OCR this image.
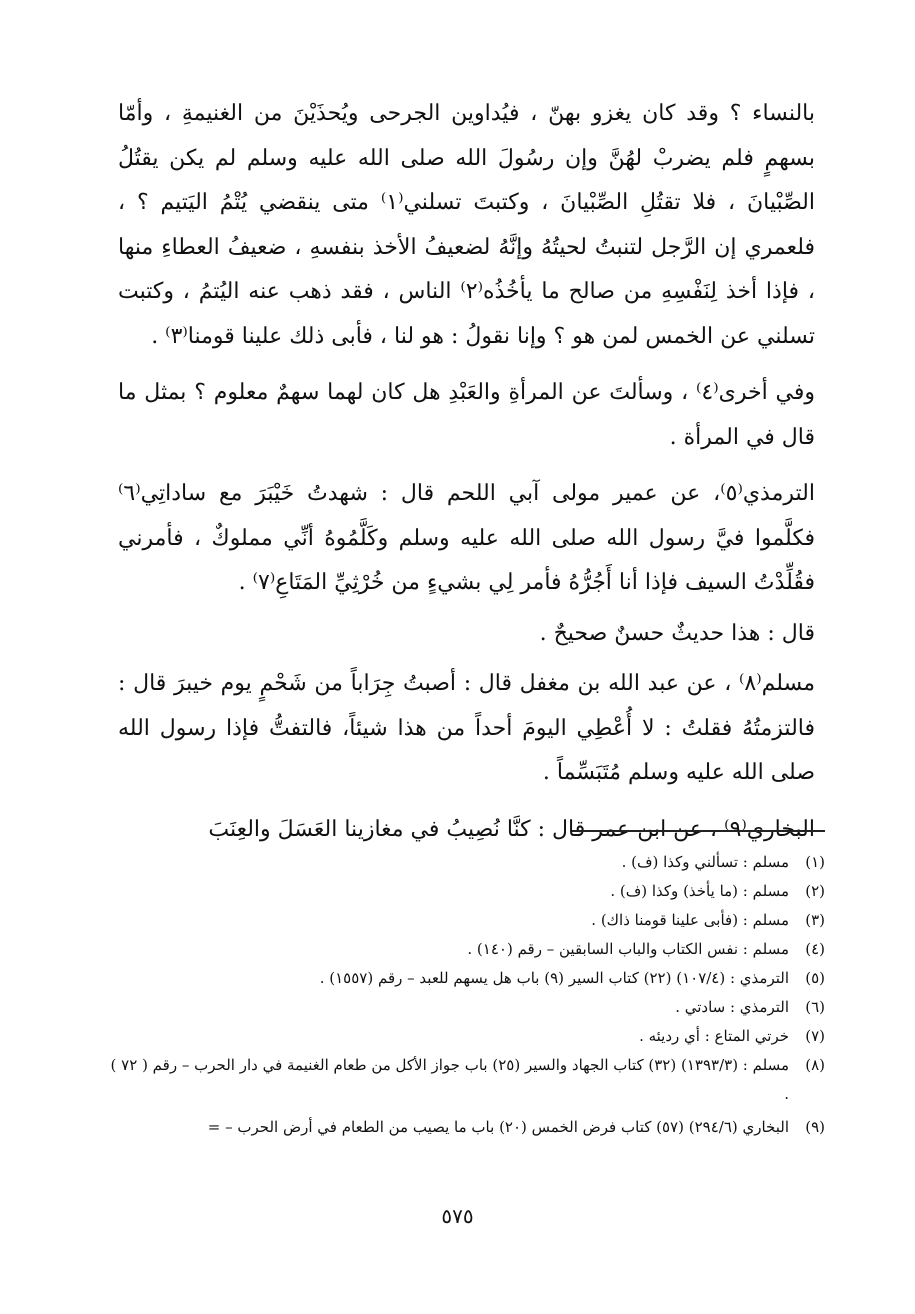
بالنساء ؟ وقد كان يغزو بهنّ ، فيُداوين الجرحى ويُحذَيْنَ من الغنيمةِ ، وأمّا بسهمٍ فلم يضربْ لهُنَّ وإن رسُولَ الله صلى الله عليه وسلم لم يكن يقتُلُ الصِّبْيانَ ، فلا تقتُلِ الصِّبْيانَ ، وكتبتَ تسلني⁽١⁾ متى ينقضي يُتْمُ اليَتيم ؟ ، فلعمري إن الرَّجل لتنبتُ لحيتُهُ وإنَّهُ لضعيفُ الأخذ بنفسهِ ، ضعيفُ العطاءِ منها ، فإذا أخذ لِنَفْسِهِ من صالح ما يأخُذُه⁽٢⁾ الناس ، فقد ذهب عنه اليُتمُ ، وكتبت تسلني عن الخمس لمن هو ؟ وإنا نقولُ : هو لنا ، فأبى ذلك علينا قومنا⁽٣⁾ .

وفي أخرى⁽٤⁾ ، وسألتَ عن المرأةِ والعَبْدِ هل كان لهما سهمٌ معلوم ؟ بمثل ما قال في المرأة .

الترمذي⁽٥⁾، عن عمير مولى آبي اللحم قال : شهدتُ خَيْبَرَ مع ساداتِي⁽٦⁾ فكلَّموا فيَّ رسول الله صلى الله عليه وسلم وكَلَّمُوهُ أنِّي مملوكٌ ، فأمرني فقُلِّدْتُ السيف فإذا أنا أَجُرُّهُ فأمر لِي بشيءٍ من خُرْثِيِّ المَتَاعِ⁽٧⁾ .

قال : هذا حديثٌ حسنٌ صحيحٌ .

مسلم⁽٨⁾ ، عن عبد الله بن مغفل قال : أصبتُ جِرَاباً من شَحْمٍ يوم خيبرَ قال : فالتزمتُهُ فقلتُ : لا أُعْطِي اليومَ أحداً من هذا شيئاً، فالتفتُّ فإذا رسول الله صلى الله عليه وسلم مُتَبَسِّماً .

البخاري⁽٩⁾ ، عن ابن عمر قال : كنَّا نُصِيبُ في مغازينا العَسَلَ والعِنَبَ

(١)
مسلم : تسألني وكذا (ف) .
(٢)
مسلم : (ما يأخذ) وكذا (ف) .
(٣)
مسلم : (فأبى علينا قومنا ذاك) .
(٤)
مسلم : نفس الكتاب والباب السابقين – رقم (١٤٠) .
(٥)
الترمذي : (١٠٧/٤) (٢٢) كتاب السير (٩) باب هل يسهم للعبد – رقم (١٥٥٧) .
(٦)
الترمذي : سادتي .
(٧)
خرتي المتاع : أي رديئه .
(٨)
مسلم : (١٣٩٣/٣) (٣٢) كتاب الجهاد والسير (٢٥) باب جواز الأكل من طعام الغنيمة في دار الحرب – رقم ( ٧٢ ) .
(٩)
البخاري (٢٩٤/٦) (٥٧) كتاب فرض الخمس (٢٠) باب ما يصيب من الطعام في أرض الحرب – =
٥٧٥
